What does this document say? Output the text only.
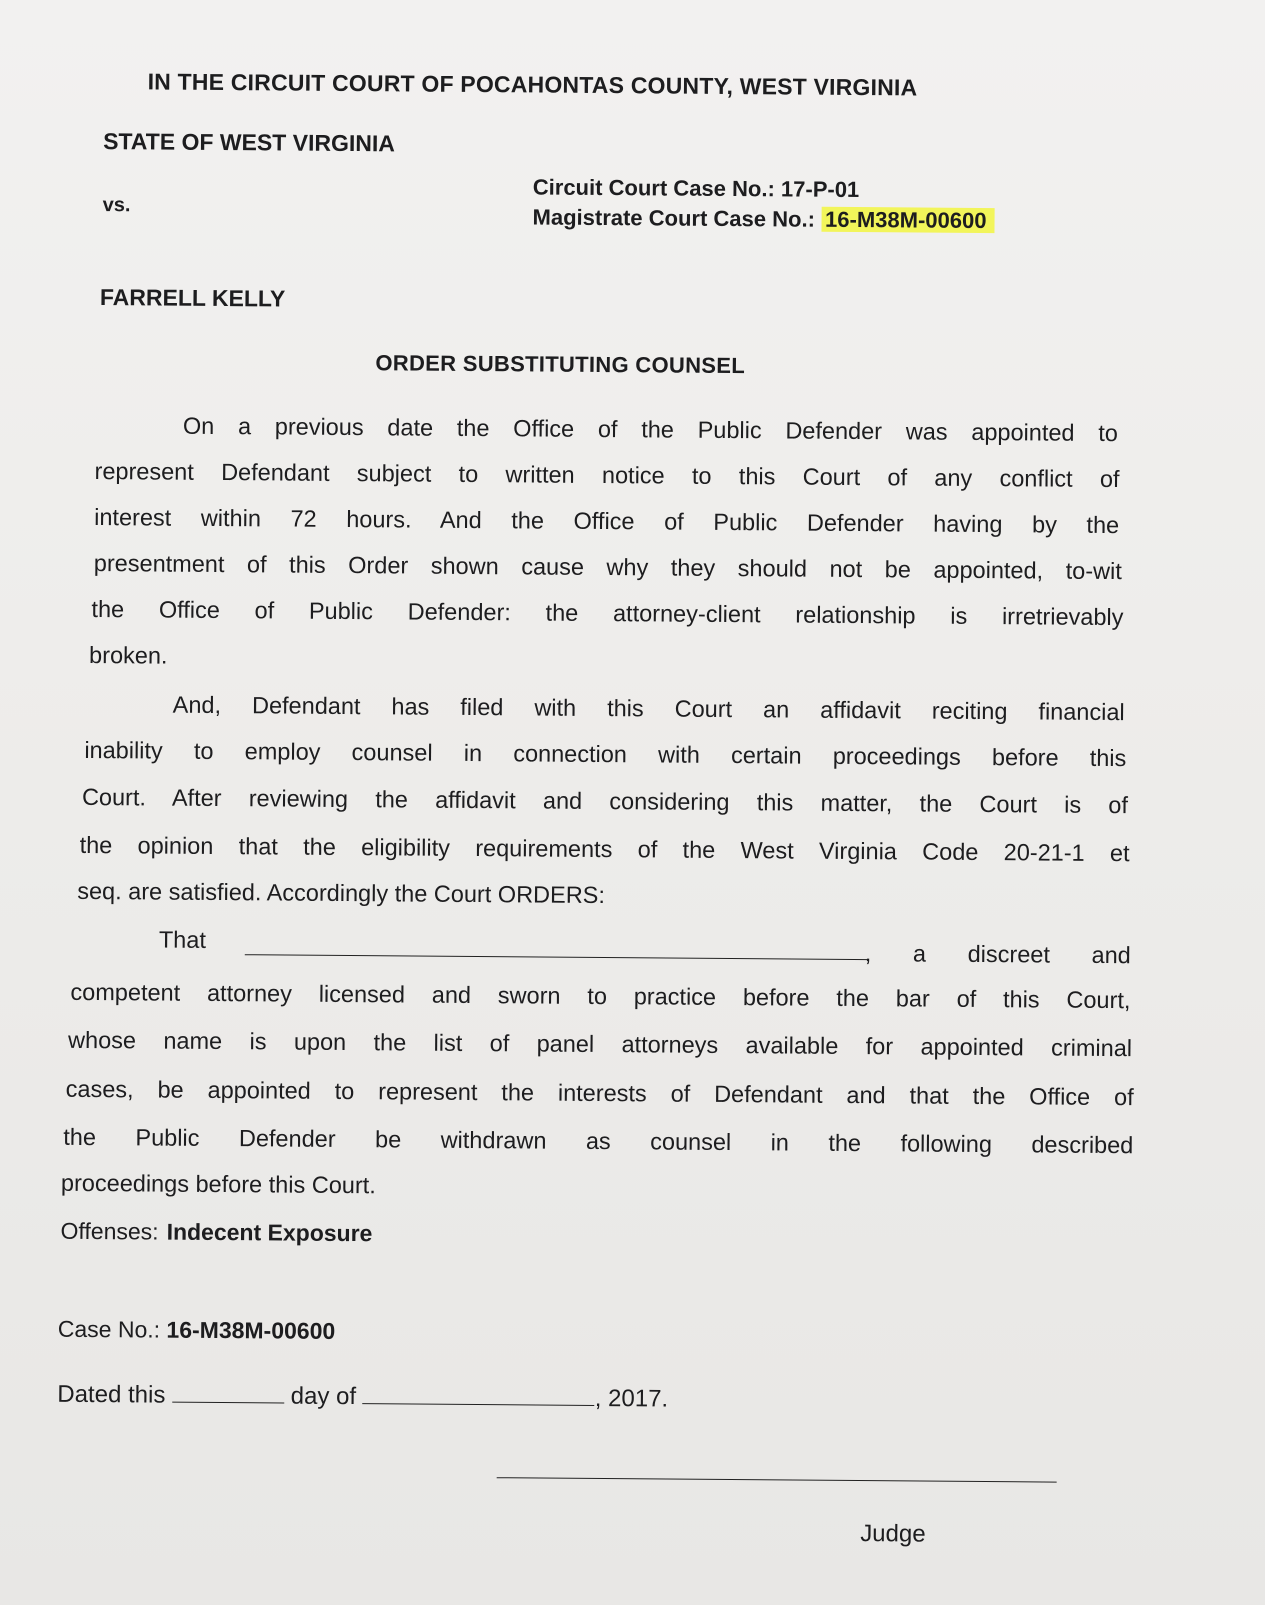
IN THE CIRCUIT COURT OF POCAHONTAS COUNTY, WEST VIRGINIA
STATE OF WEST VIRGINIA
vs.
Circuit Court Case No.: 17-P-01
Magistrate Court Case No.: 16-M38M-00600
FARRELL KELLY
ORDER SUBSTITUTING COUNSEL
On a previous date the Office of the Public Defender was appointed to
represent Defendant subject to written notice to this Court of any conflict of
interest within 72 hours. And the Office of Public Defender having by the
presentment of this Order shown cause why they should not be appointed, to-wit
the Office of Public Defender: the attorney-client relationship is irretrievably
broken.
And, Defendant has filed with this Court an affidavit reciting financial
inability to employ counsel in connection with certain proceedings before this
Court. After reviewing the affidavit and considering this matter, the Court is of
the opinion that the eligibility requirements of the West Virginia Code 20-21-1 et
seq. are satisfied. Accordingly the Court ORDERS:
That
, a discreet and
competent attorney licensed and sworn to practice before the bar of this Court,
whose name is upon the list of panel attorneys available for appointed criminal
cases, be appointed to represent the interests of Defendant and that the Office of
the Public Defender be withdrawn as counsel in the following described
proceedings before this Court.
Offenses: Indecent Exposure
Case No.: 16-M38M-00600
Dated this	day of	, 2017.
Judge
